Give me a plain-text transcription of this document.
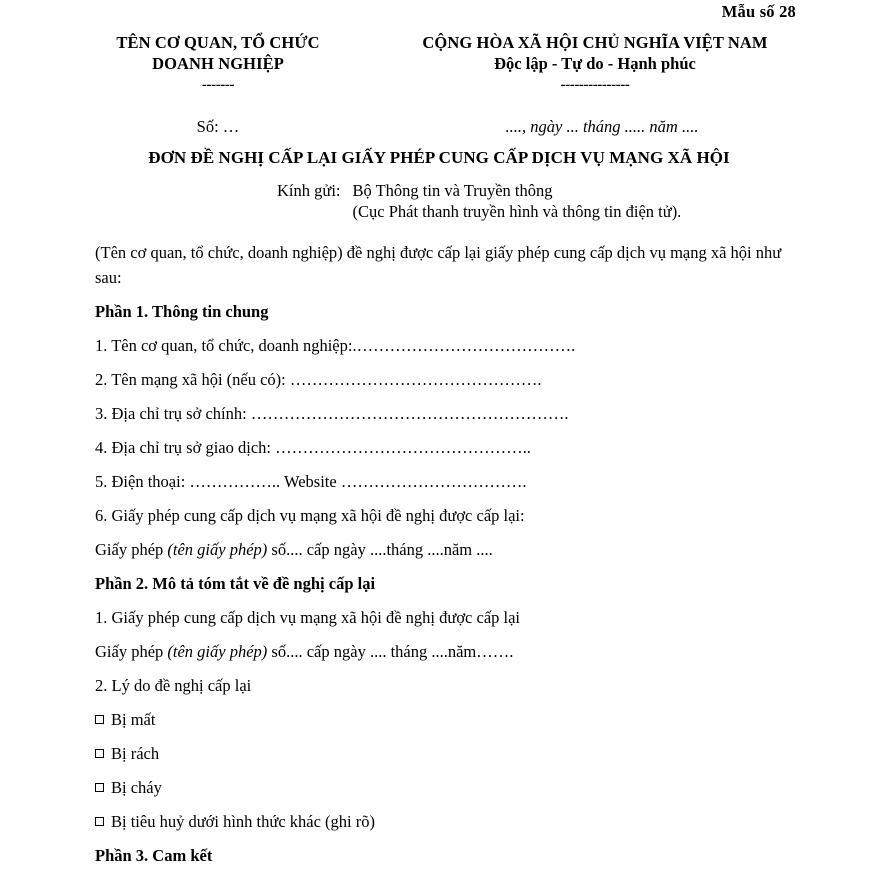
Mẫu số 28
TÊN CƠ QUAN, TỔ CHỨC
DOANH NGHIỆP
-------
CỘNG HÒA XÃ HỘI CHỦ NGHĨA VIỆT NAM
Độc lập - Tự do - Hạnh phúc
---------------
Số: …	...., ngày ... tháng ..... năm ....
ĐƠN ĐỀ NGHỊ CẤP LẠI GIẤY PHÉP CUNG CẤP DỊCH VỤ MẠNG XÃ HỘI
Kính gửi: Bộ Thông tin và Truyền thông
(Cục Phát thanh truyền hình và thông tin điện tử).
(Tên cơ quan, tổ chức, doanh nghiệp) đề nghị được cấp lại giấy phép cung cấp dịch vụ mạng xã hội như sau:
Phần 1. Thông tin chung
1. Tên cơ quan, tổ chức, doanh nghiệp:.………………………………….
2. Tên mạng xã hội (nếu có): ……………………………………….
3. Địa chỉ trụ sở chính: ………………………………………………….
4. Địa chỉ trụ sở giao dịch: ………………………………………..
5. Điện thoại: …………….. Website …………………………….
6. Giấy phép cung cấp dịch vụ mạng xã hội đề nghị được cấp lại:
Giấy phép (tên giấy phép) số.... cấp ngày ....tháng ....năm ....
Phần 2. Mô tả tóm tắt về đề nghị cấp lại
1. Giấy phép cung cấp dịch vụ mạng xã hội đề nghị được cấp lại
Giấy phép (tên giấy phép) số.... cấp ngày .... tháng ....năm…….
2. Lý do đề nghị cấp lại
Bị mất
Bị rách
Bị cháy
Bị tiêu huỷ dưới hình thức khác (ghi rõ)
Phần 3. Cam kết
